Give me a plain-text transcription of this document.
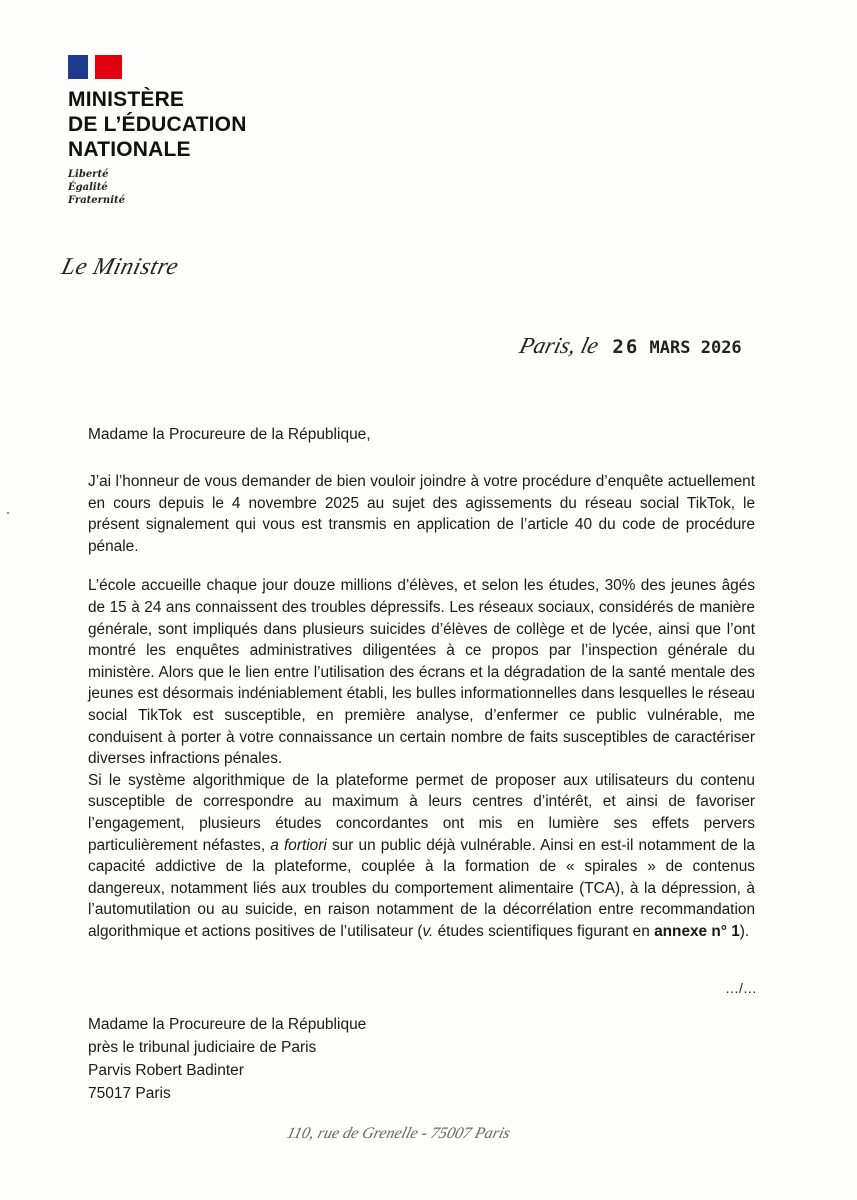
MINISTÈRE
DE L’ÉDUCATION
NATIONALE
Liberté
Égalité
Fraternité
Le Ministre
Paris, le 26 MARS 2026
Madame la Procureure de la République,

J’ai l’honneur de vous demander de bien vouloir joindre à votre procédure d’enquête actuellement en cours depuis le 4 novembre 2025 au sujet des agissements du réseau social TikTok, le présent signalement qui vous est transmis en application de l’article 40 du code de procédure pénale.

L’école accueille chaque jour douze millions d’élèves, et selon les études, 30% des jeunes âgés de 15 à 24 ans connaissent des troubles dépressifs. Les réseaux sociaux, considérés de manière générale, sont impliqués dans plusieurs suicides d’élèves de collège et de lycée, ainsi que l’ont montré les enquêtes administratives diligentées à ce propos par l’inspection générale du ministère. Alors que le lien entre l’utilisation des écrans et la dégradation de la santé mentale des jeunes est désormais indéniablement établi, les bulles informationnelles dans lesquelles le réseau social TikTok est susceptible, en première analyse, d’enfermer ce public vulnérable, me conduisent à porter à votre connaissance un certain nombre de faits susceptibles de caractériser diverses infractions pénales.

Si le système algorithmique de la plateforme permet de proposer aux utilisateurs du contenu susceptible de correspondre au maximum à leurs centres d’intérêt, et ainsi de favoriser l’engagement, plusieurs études concordantes ont mis en lumière ses effets pervers particulièrement néfastes, a fortiori sur un public déjà vulnérable. Ainsi en est-il notamment de la capacité addictive de la plateforme, couplée à la formation de « spirales » de contenus dangereux, notamment liés aux troubles du comportement alimentaire (TCA), à la dépression, à l’automutilation ou au suicide, en raison notamment de la décorrélation entre recommandation algorithmique et actions positives de l’utilisateur (v. études scientifiques figurant en annexe n° 1).

…/…
Madame la Procureure de la République
près le tribunal judiciaire de Paris
Parvis Robert Badinter
75017 Paris
110, rue de Grenelle - 75007 Paris
